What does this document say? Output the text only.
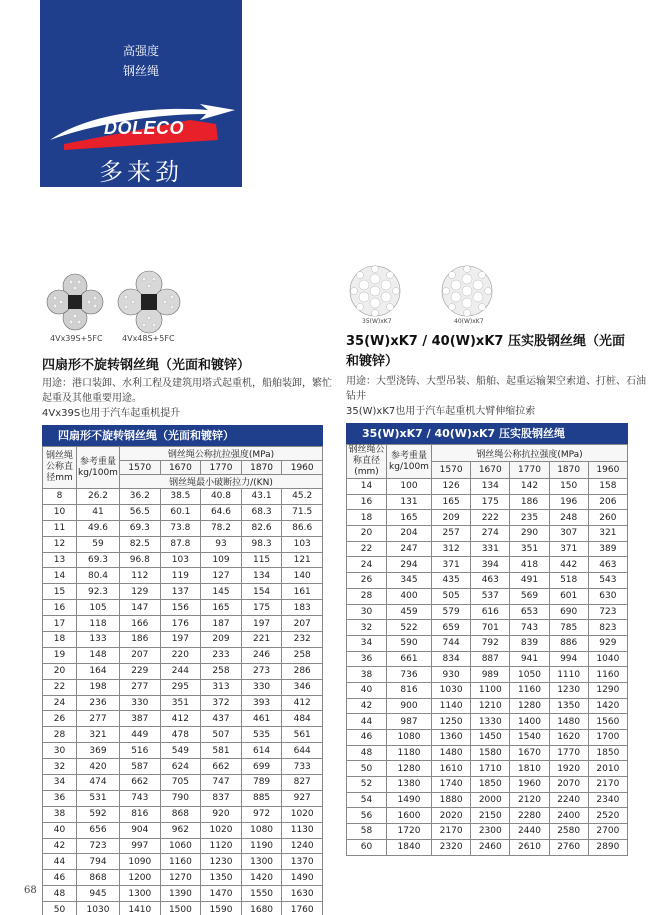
高强度
钢丝绳
DOLECO
多来劲
4Vx39S+5FC 4Vx48S+5FC
35(W)xK7	40(W)xK7
四扇形不旋转钢丝绳（光面和镀锌）
用途：港口装卸、水利工程及建筑用塔式起重机，船舶装卸，繁忙
起重及其他重要用途。
4Vx39S也用于汽车起重机提升
35(W)xK7 / 40(W)xK7 压实股钢丝绳（光面
和镀锌）
用途：大型浇铸、大型吊装、船舶、起重运输架空索道、打桩、石油
钻井
35(W)xK7也用于汽车起重机大臂伸缩拉索
四扇形不旋转钢丝绳（光面和镀锌）
钢丝绳公称直径mm	参考重量kg/100m	钢丝绳公称抗拉强度(MPa)				
		1570	1670	1770	1870	1960
		钢丝绳最小破断拉力/(KN)				
8	26.2	36.2	38.5	40.8	43.1	45.2
10	41	56.5	60.1	64.6	68.3	71.5
11	49.6	69.3	73.8	78.2	82.6	86.6
12	59	82.5	87.8	93	98.3	103
13	69.3	96.8	103	109	115	121
14	80.4	112	119	127	134	140
15	92.3	129	137	145	154	161
16	105	147	156	165	175	183
17	118	166	176	187	197	207
18	133	186	197	209	221	232
19	148	207	220	233	246	258
20	164	229	244	258	273	286
22	198	277	295	313	330	346
24	236	330	351	372	393	412
26	277	387	412	437	461	484
28	321	449	478	507	535	561
30	369	516	549	581	614	644
32	420	587	624	662	699	733
34	474	662	705	747	789	827
36	531	743	790	837	885	927
38	592	816	868	920	972	1020
40	656	904	962	1020	1080	1130
42	723	997	1060	1120	1190	1240
44	794	1090	1160	1230	1300	1370
46	868	1200	1270	1350	1420	1490
48	945	1300	1390	1470	1550	1630
50	1030	1410	1500	1590	1680	1760
35(W)xK7 / 40(W)xK7 压实股钢丝绳
钢丝绳公称直径(mm)	参考重量kg/100m	钢丝绳公称抗拉强度(MPa)				
		1570	1670	1770	1870	1960
14	100	126	134	142	150	158
16	131	165	175	186	196	206
18	165	209	222	235	248	260
20	204	257	274	290	307	321
22	247	312	331	351	371	389
24	294	371	394	418	442	463
26	345	435	463	491	518	543
28	400	505	537	569	601	630
30	459	579	616	653	690	723
32	522	659	701	743	785	823
34	590	744	792	839	886	929
36	661	834	887	941	994	1040
38	736	930	989	1050	1110	1160
40	816	1030	1100	1160	1230	1290
42	900	1140	1210	1280	1350	1420
44	987	1250	1330	1400	1480	1560
46	1080	1360	1450	1540	1620	1700
48	1180	1480	1580	1670	1770	1850
50	1280	1610	1710	1810	1920	2010
52	1380	1740	1850	1960	2070	2170
54	1490	1880	2000	2120	2240	2340
56	1600	2020	2150	2280	2400	2520
58	1720	2170	2300	2440	2580	2700
60	1840	2320	2460	2610	2760	2890
68
